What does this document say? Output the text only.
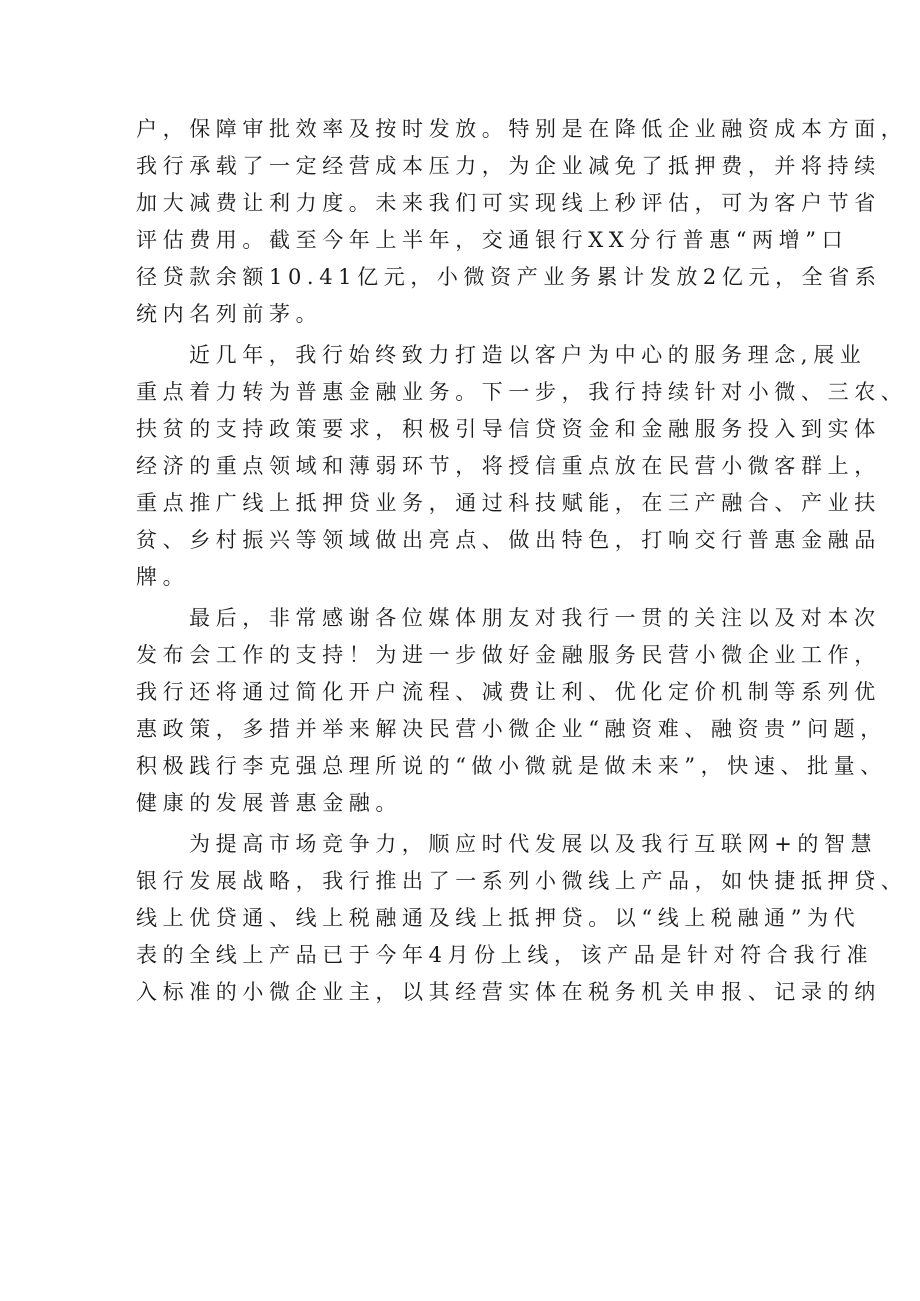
户，保障审批效率及按时发放。特别是在降低企业融资成本方面，
我行承载了一定经营成本压力，为企业减免了抵押费，并将持续
加大减费让利力度。未来我们可实现线上秒评估，可为客户节省
评估费用。截至今年上半年，交通银行XX分行普惠“两增”口
径贷款余额10.41亿元，小微资产业务累计发放2亿元，全省系
统内名列前茅。
近几年，我行始终致力打造以客户为中心的服务理念,展业
重点着力转为普惠金融业务。下一步，我行持续针对小微、三农、
扶贫的支持政策要求，积极引导信贷资金和金融服务投入到实体
经济的重点领域和薄弱环节，将授信重点放在民营小微客群上，
重点推广线上抵押贷业务，通过科技赋能，在三产融合、产业扶
贫、乡村振兴等领域做出亮点、做出特色，打响交行普惠金融品
牌。
最后，非常感谢各位媒体朋友对我行一贯的关注以及对本次
发布会工作的支持！为进一步做好金融服务民营小微企业工作，
我行还将通过简化开户流程、减费让利、优化定价机制等系列优
惠政策，多措并举来解决民营小微企业“融资难、融资贵”问题，
积极践行李克强总理所说的“做小微就是做未来”，快速、批量、
健康的发展普惠金融。
为提高市场竞争力，顺应时代发展以及我行互联网+的智慧
银行发展战略，我行推出了一系列小微线上产品，如快捷抵押贷、
线上优贷通、线上税融通及线上抵押贷。以“线上税融通”为代
表的全线上产品已于今年4月份上线，该产品是针对符合我行准
入标准的小微企业主，以其经营实体在税务机关申报、记录的纳
